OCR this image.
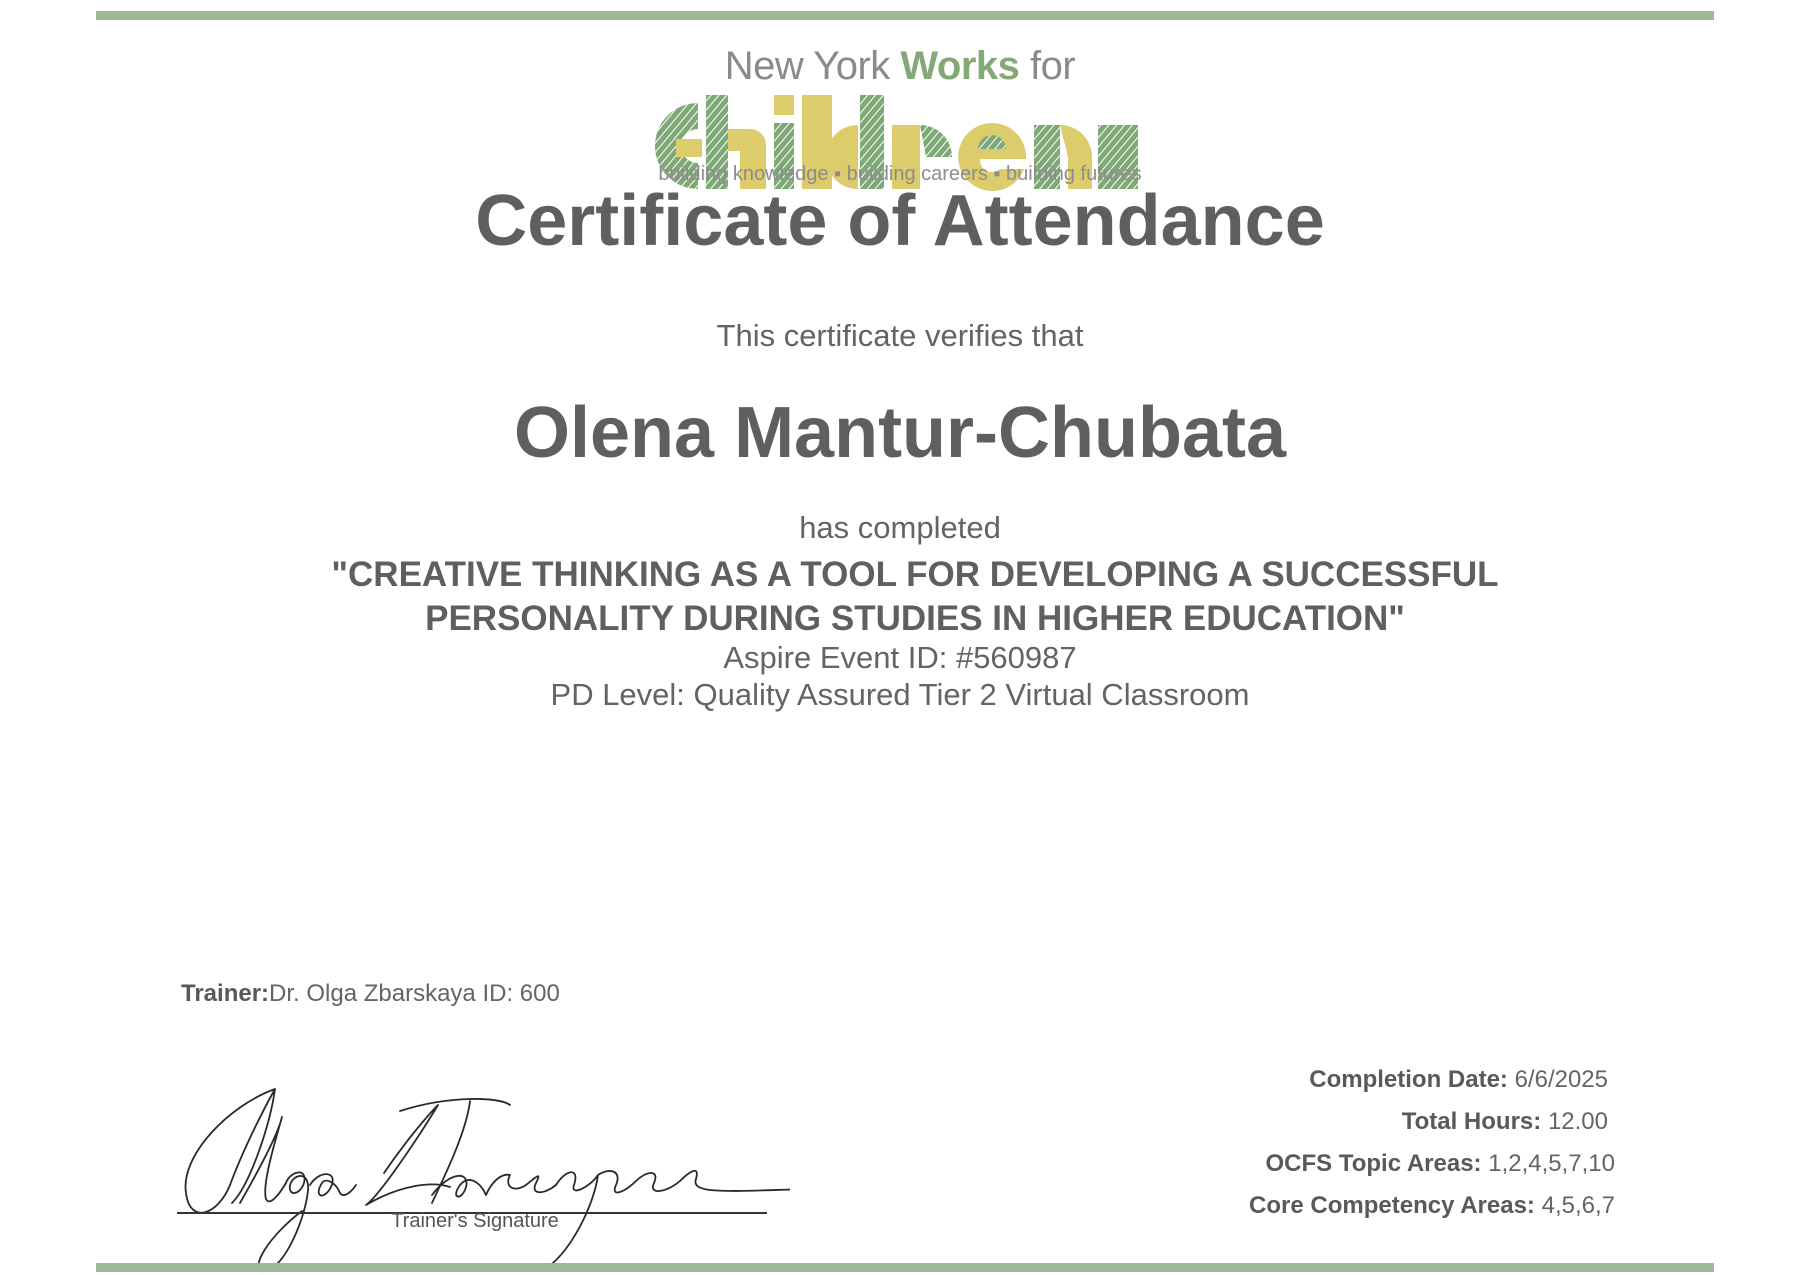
New York Works for
building knowledge ▪ building careers ▪ building futures
Certificate of Attendance
This certificate verifies that
Olena Mantur-Chubata
has completed
"CREATIVE THINKING AS A TOOL FOR DEVELOPING A SUCCESSFUL
PERSONALITY DURING STUDIES IN HIGHER EDUCATION"
Aspire Event ID: #560987
PD Level: Quality Assured Tier 2 Virtual Classroom
Trainer:Dr. Olga Zbarskaya ID: 600
Trainer's Signature
Completion Date: 6/6/2025
Total Hours: 12.00
OCFS Topic Areas: 1,2,4,5,7,10
Core Competency Areas: 4,5,6,7
